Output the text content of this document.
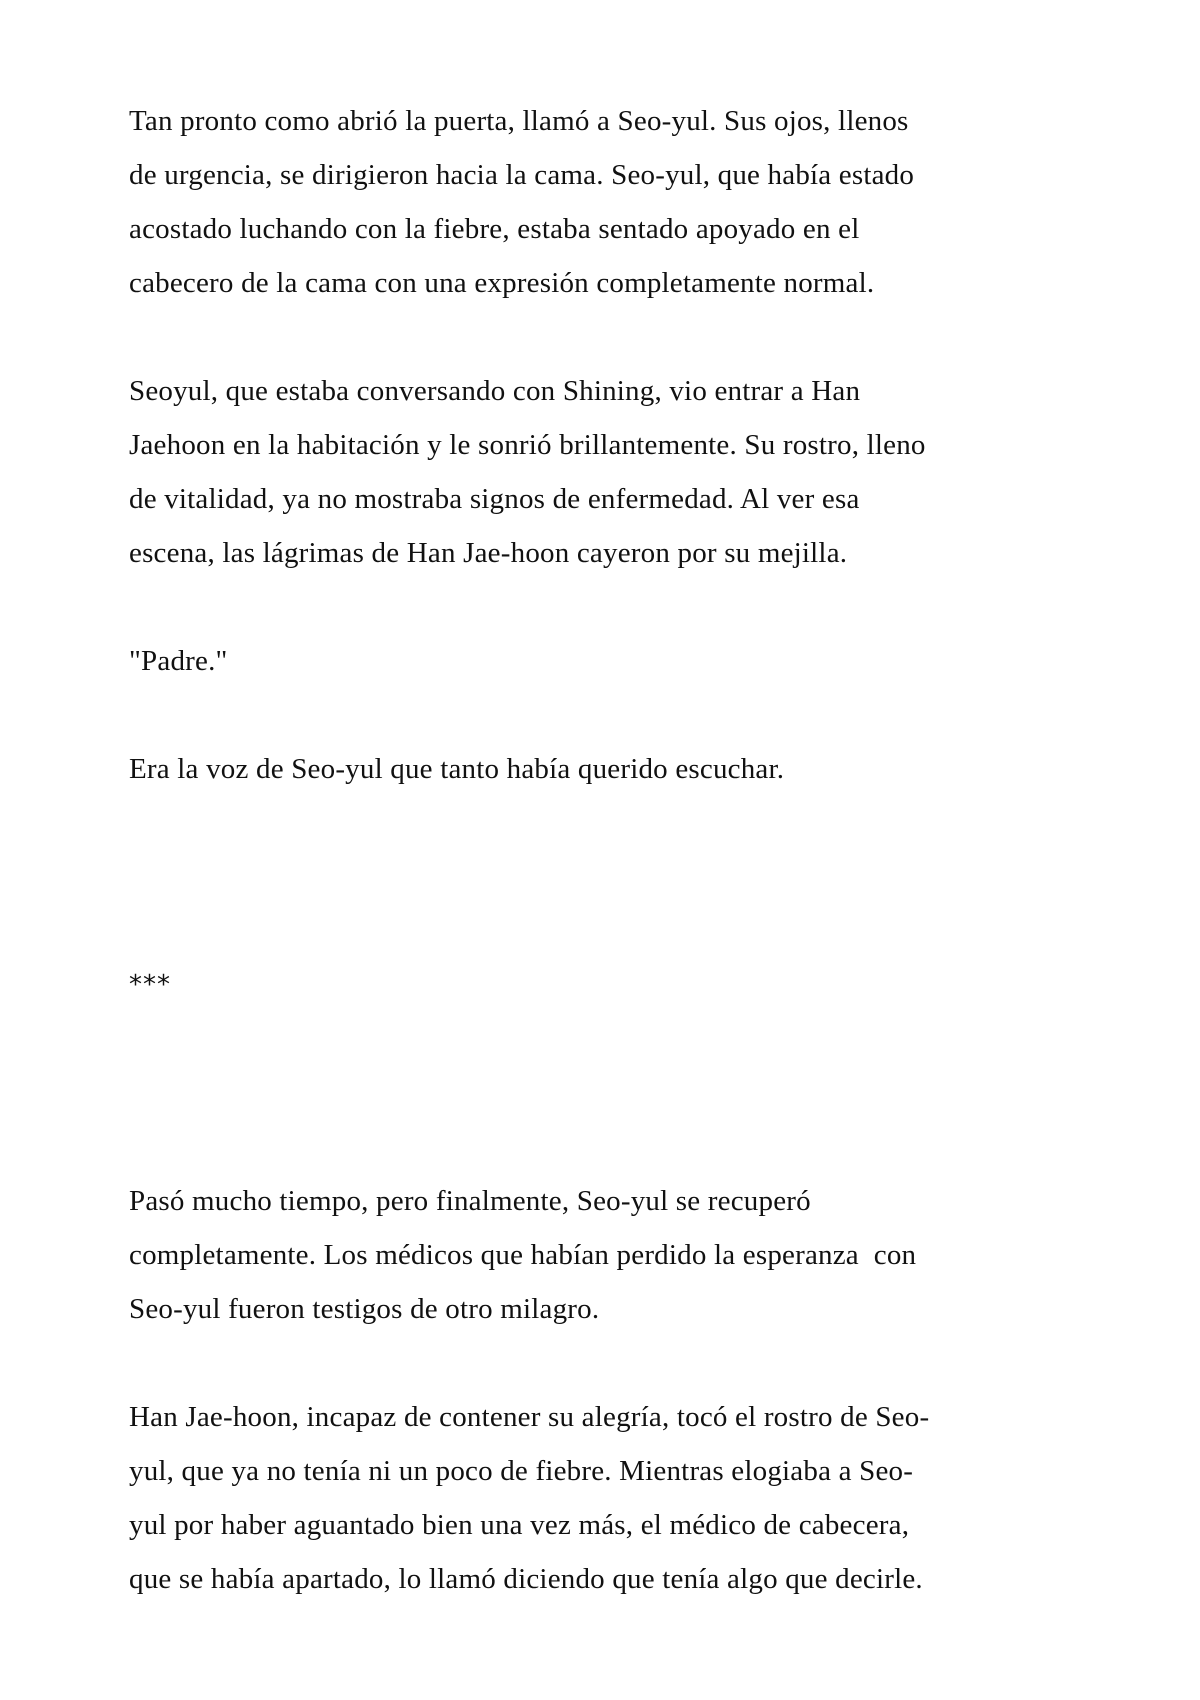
Tan pronto como abrió la puerta, llamó a Seo-yul. Sus ojos, llenos
de urgencia, se dirigieron hacia la cama. Seo-yul, que había estado
acostado luchando con la fiebre, estaba sentado apoyado en el
cabecero de la cama con una expresión completamente normal.

Seoyul, que estaba conversando con Shining, vio entrar a Han
Jaehoon en la habitación y le sonrió brillantemente. Su rostro, lleno
de vitalidad, ya no mostraba signos de enfermedad. Al ver esa
escena, las lágrimas de Han Jae-hoon cayeron por su mejilla.

"Padre."

Era la voz de Seo-yul que tanto había querido escuchar.

***

Pasó mucho tiempo, pero finalmente, Seo-yul se recuperó
completamente. Los médicos que habían perdido la esperanza  con
Seo-yul fueron testigos de otro milagro.

Han Jae-hoon, incapaz de contener su alegría, tocó el rostro de Seo-
yul, que ya no tenía ni un poco de fiebre. Mientras elogiaba a Seo-
yul por haber aguantado bien una vez más, el médico de cabecera,
que se había apartado, lo llamó diciendo que tenía algo que decirle.
